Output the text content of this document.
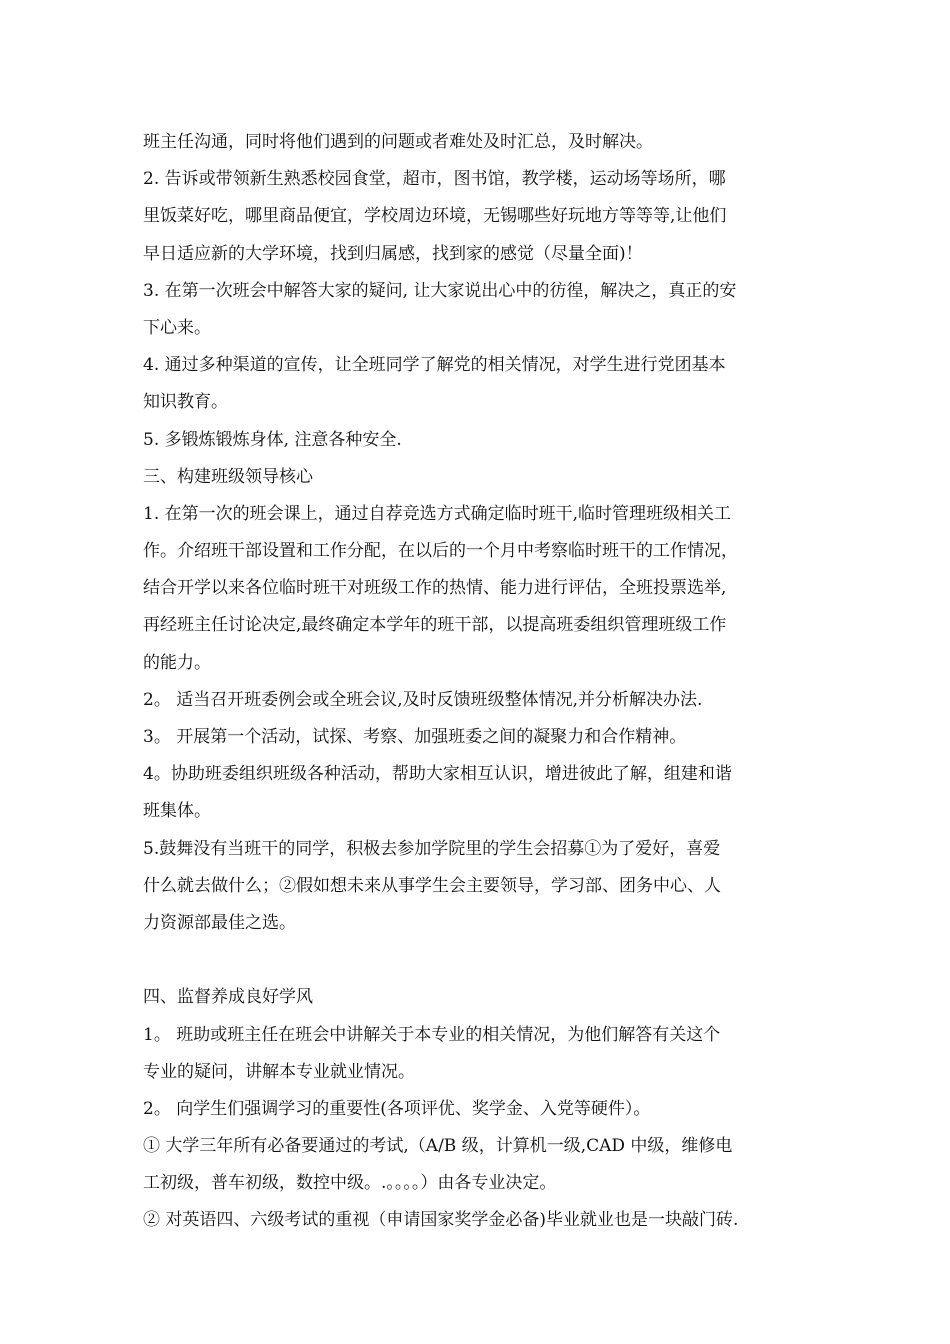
班主任沟通，同时将他们遇到的问题或者难处及时汇总，及时解决。
2. 告诉或带领新生熟悉校园食堂，超市，图书馆，教学楼，运动场等场所，哪
里饭菜好吃，哪里商品便宜，学校周边环境，无锡哪些好玩地方等等等,让他们
早日适应新的大学环境，找到归属感，找到家的感觉（尽量全面)！
3. 在第一次班会中解答大家的疑问, 让大家说出心中的彷徨，解决之，真正的安
下心来。
4. 通过多种渠道的宣传，让全班同学了解党的相关情况，对学生进行党团基本
知识教育。
5. 多锻炼锻炼身体, 注意各种安全.
三、构建班级领导核心
1. 在第一次的班会课上，通过自荐竞选方式确定临时班干,临时管理班级相关工
作。介绍班干部设置和工作分配，在以后的一个月中考察临时班干的工作情况，
结合开学以来各位临时班干对班级工作的热情、能力进行评估，全班投票选举,
再经班主任讨论决定,最终确定本学年的班干部，以提高班委组织管理班级工作
的能力。
2。 适当召开班委例会或全班会议,及时反馈班级整体情况,并分析解决办法.
3。 开展第一个活动，试探、考察、加强班委之间的凝聚力和合作精神。
4。协助班委组织班级各种活动，帮助大家相互认识，增进彼此了解，组建和谐
班集体。
5.鼓舞没有当班干的同学，积极去参加学院里的学生会招募①为了爱好，喜爱
什么就去做什么；②假如想未来从事学生会主要领导，学习部、团务中心、人
力资源部最佳之选。
四、监督养成良好学风
1。 班助或班主任在班会中讲解关于本专业的相关情况，为他们解答有关这个
专业的疑问，讲解本专业就业情况。
2。 向学生们强调学习的重要性(各项评优、奖学金、入党等硬件）。
① 大学三年所有必备要通过的考试,（A/B 级，计算机一级,CAD 中级，维修电
工初级，普车初级，数控中级。.。。。。）由各专业决定。
② 对英语四、六级考试的重视（申请国家奖学金必备)毕业就业也是一块敲门砖.
